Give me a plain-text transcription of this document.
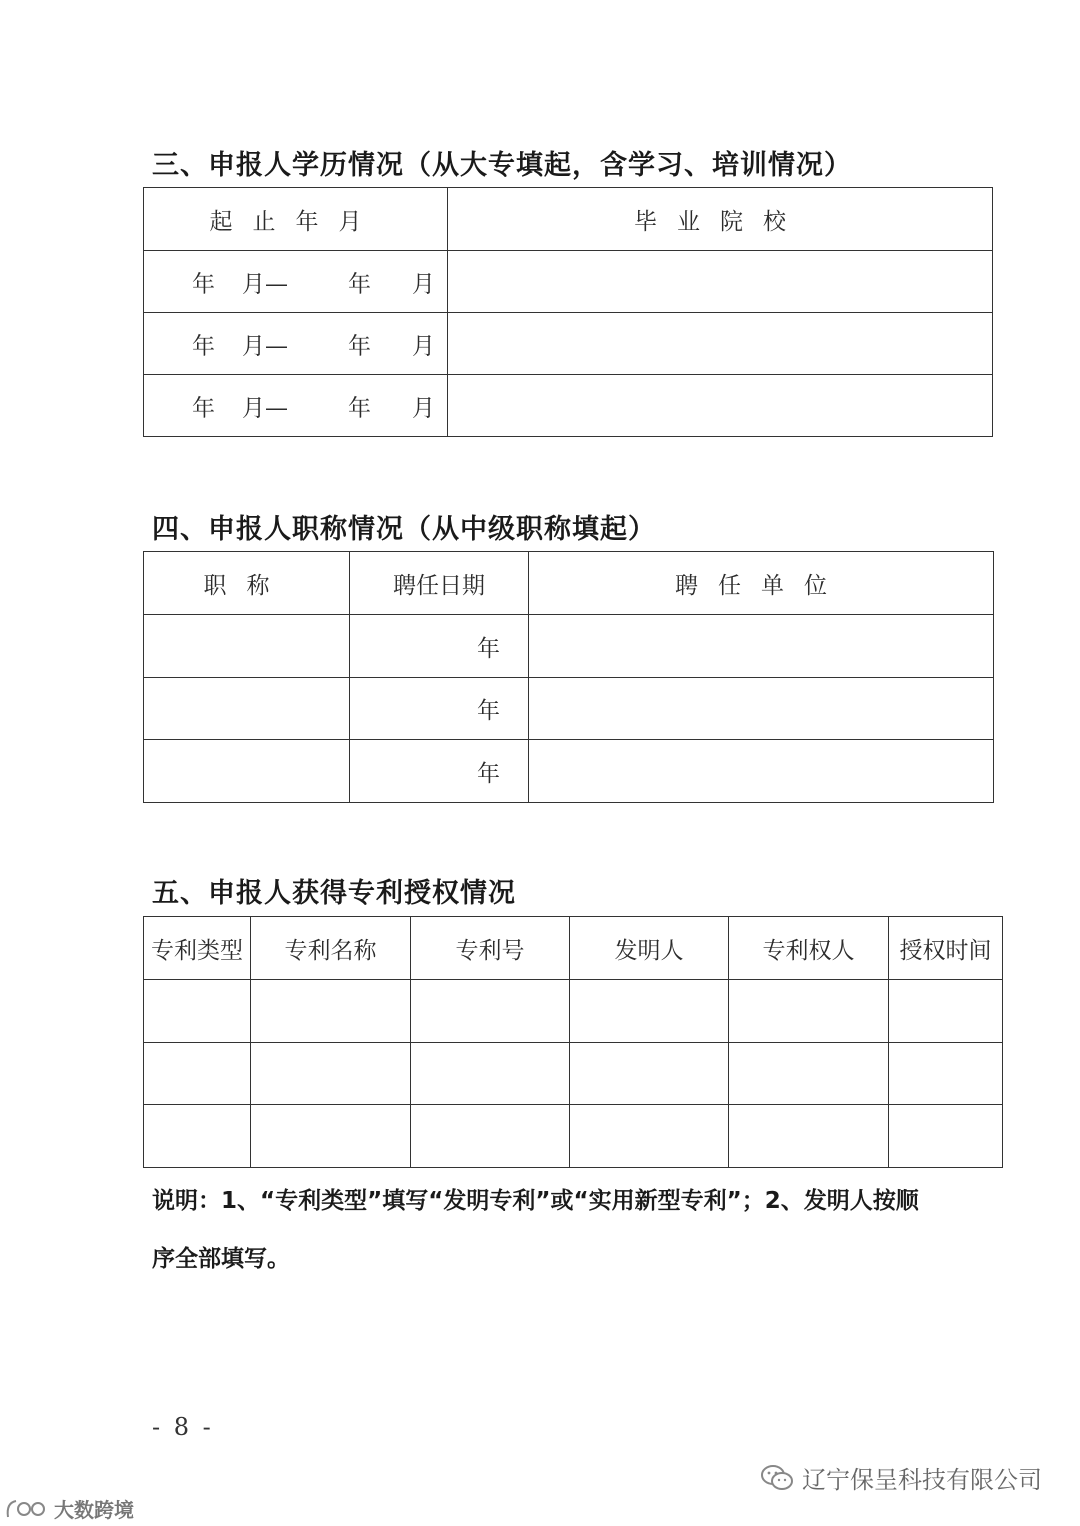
三、申报人学历情况（从大专填起，含学习、培训情况）
起止年月	毕业院校

年 月— 年 月	

年 月— 年 月	

年 月— 年 月	

四、申报人职称情况（从中级职称填起）
职称	聘任日期	聘任单位
	年	
	年	
	年	
五、申报人获得专利授权情况
专利类型	专利名称	专利号	发明人	专利权人	授权时间

说明：1、“专利类型”填写“发明专利”或“实用新型专利”；2、发明人按顺序全部填写。

- 8 -
辽宁保呈科技有限公司
大数跨境
